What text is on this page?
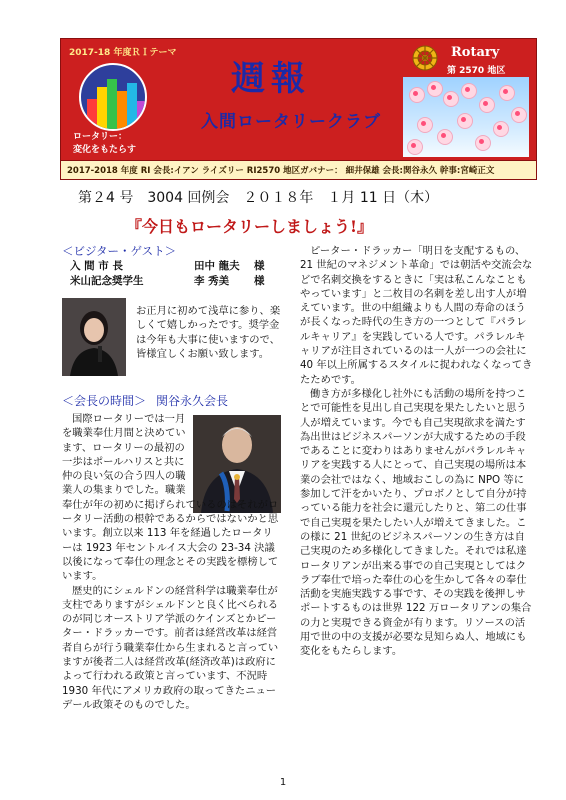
2017-18 年度ＲＩテーマ
ロータリー：
変化をもたらす
週報
入間ロータリークラブ
Rotary
第 2570 地区
2017-2018 年度 RI 会長:イアン ライズリー RI2570 地区ガバナー： 細井保雄 会長:関谷永久 幹事:宮崎正文
第２4 号　3004 回例会　２０１８年　１月 11 日（木）
『今日もロータリーしましょう!』
＜ビジター・ゲスト＞
入 間 市 長	田中 龍夫	様
米山記念奨学生	李 秀美	様
お正月に初めて浅草に参り、楽しくて嬉しかったです。奨学金は今年も大事に使いますので、皆様宜しくお願い致します。
＜会長の時間＞ 関谷永久会長

国際ロータリーでは一月を職業奉仕月間と決めています、ロータリーの最初の一歩はポールハリスと共に仲の良い気の合う四人の職業人の集まりでした。職業

奉仕が年の初めに掲げられているのはそれがロータリー活動の根幹であるからではないかと思います。創立以来 113 年を経過したロータリーは 1923 年セントルイス大会の 23-34 決議以後になって奉仕の理念とその実践を標榜しています。

歴史的にシェルドンの経営科学は職業奉仕が支柱でありますがシェルドンと良く比べられるのが同じオーストリア学派のケインズとかピーター・ドラッカーです。前者は経営改革は経営者自らが行う職業奉仕から生まれると言っていますが後者二人は経営改革(経済改革)は政府によって行われる政策と言っています、不況時 1930 年代にアメリカ政府の取ってきたニューデール政策そのものでした。

ピーター・ドラッカー「明日を支配するもの、21 世紀のマネジメント革命」では朝活や交流会などで名刺交換をするときに「実は私こんなこともやっています」と二枚目の名刺を差し出す人が増えています。世の中組織よりも人間の寿命のほうが長くなった時代の生き方の一つとして『パラレルキャリア』を実践している人です。パラレルキャリアが注目されているのは一人が一つの会社に 40 年以上所属するスタイルに捉われなくなってきたためです。

働き方が多様化し社外にも活動の場所を持つことで可能性を見出し自己実現を果たしたいと思う人が増えています。今でも自己実現欲求を満たす為出世はビジネスパーソンが大成するための手段であることに変わりはありませんがパラレルキャリアを実践する人にとって、自己実現の場所は本業の会社ではなく、地域おこしの為に NPO 等に参加して汗をかいたり、プロボノとして自分が持っている能力を社会に還元したりと、第二の仕事で自己実現を果たしたい人が増えてきました。この様に 21 世紀のビジネスパーソンの生き方は自己実現のため多様化してきました。それでは私達ロータリアンが出来る事での自己実現としてはクラブ奉仕で培った奉仕の心を生かして各々の奉仕活動を実施実践する事です、その実践を後押しサポートするものは世界 122 万ロータリアンの集合の力と実現できる資金が有ります。リソースの活用で世の中の支援が必要な見知らぬ人、地域にも変化をもたらします。

1
